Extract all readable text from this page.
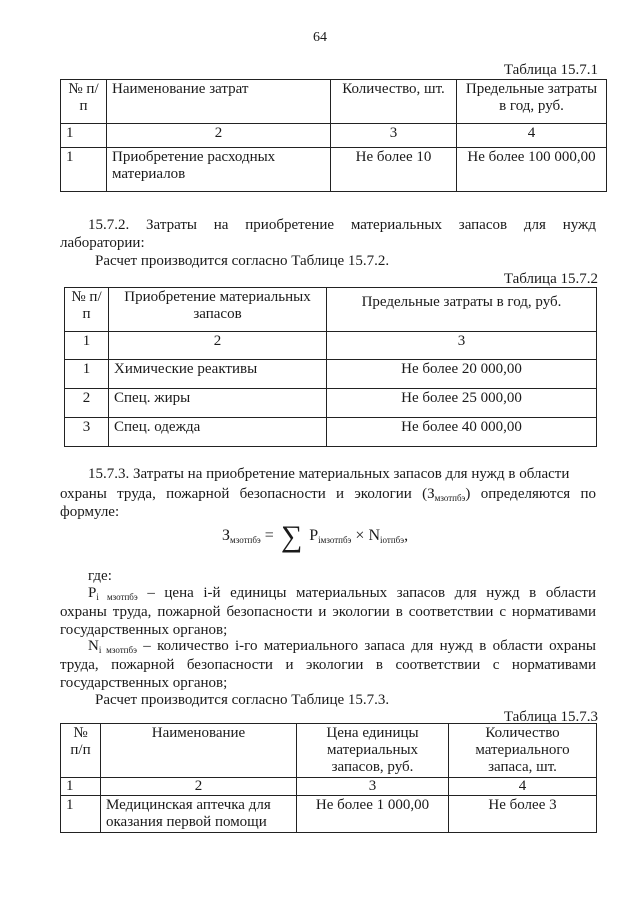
64
Таблица 15.7.1
№ п/п	Наименование затрат	Количество, шт.	Предельные затраты в год, руб.
1	2	3	4
1	Приобретение расходных материалов	Не более 10	Не более 100 000,00
15.7.2. Затраты на приобретение материальных запасов для нужд
лаборатории:
Расчет производится согласно Таблице 15.7.2.
Таблица 15.7.2
№ п/п	Приобретение материальных запасов	Предельные затраты в год, руб.
1	2	3
1	Химические реактивы	Не более 20 000,00
2	Спец. жиры	Не более 25 000,00
3	Спец. одежда	Не более 40 000,00
15.7.3. Затраты на приобретение материальных запасов для нужд в области
охраны труда, пожарной безопасности и экологии $(З_{мзотпбэ})$ определяются по
формуле:
$З_{мзотпбэ}$ = ∑ $P_{iмзотпбэ} \times N_{iотпбэ}$,
где:
$P_{i мзотпбэ}$ – цена i-й единицы материальных запасов для нужд в области
охраны труда, пожарной безопасности и экологии в соответствии с нормативами
государственных органов;
$N_{i мзотпбэ}$ – количество i-го материального запаса для нужд в области охраны
труда, пожарной безопасности и экологии в соответствии с нормативами
государственных органов;
Расчет производится согласно Таблице 15.7.3.
Таблица 15.7.3
№ п/п	Наименование	Цена единицы материальных запасов, руб.	Количество материального запаса, шт.
1	2	3	4
1	Медицинская аптечка для оказания первой помощи	Не более 1 000,00	Не более 3
